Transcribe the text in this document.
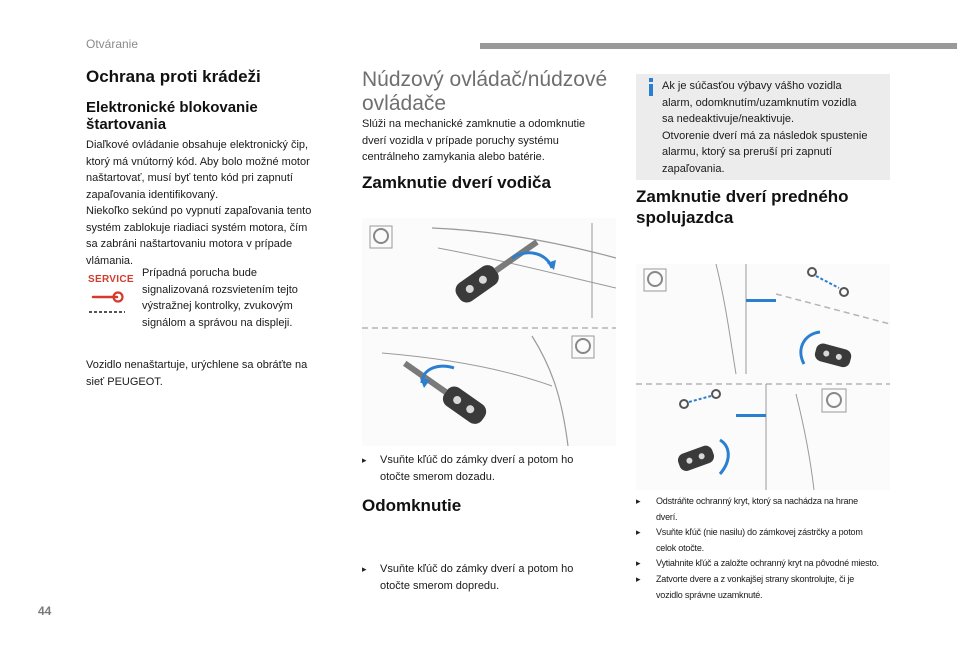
Otváranie
Ochrana proti krádeži
Elektronické blokovanie
štartovania
Diaľkové ovládanie obsahuje elektronický čip,
ktorý má vnútorný kód. Aby bolo možné motor
naštartovať, musí byť tento kód pri zapnutí
zapaľovania identifikovaný.
Niekoľko sekúnd po vypnutí zapaľovania tento
systém zablokuje riadiaci systém motora, čím
sa zabráni naštartovaniu motora v prípade
vlámania.
SERVICE
Prípadná porucha bude
signalizovaná rozsvietením tejto
výstražnej kontrolky, zvukovým
signálom a správou na displeji.
Vozidlo nenaštartuje, urýchlene sa obráťte na
sieť PEUGEOT.
Núdzový ovládač/núdzové
ovládače
Slúži na mechanické zamknutie a odomknutie
dverí vozidla v prípade poruchy systému
centrálneho zamykania alebo batérie.
Zamknutie dverí vodiča
▸ Vsuňte kľúč do zámky dverí a potom ho
otočte smerom dozadu.
Odomknutie
▸ Vsuňte kľúč do zámky dverí a potom ho
otočte smerom dopredu.
Ak je súčasťou výbavy vášho vozidla
alarm, odomknutím/uzamknutím vozidla
sa nedeaktivuje/neaktivuje.
Otvorenie dverí má za následok spustenie
alarmu, ktorý sa preruší pri zapnutí
zapaľovania.
Zamknutie dverí predného
spolujazdca
▸
▸ Odstráňte ochranný kryt, ktorý sa nachádza na hrane
dverí.
▸ Vsuňte kľúč (nie nasilu) do zámkovej zástrčky a potom
celok otočte.
▸ Vytiahnite kľúč a založte ochranný kryt na pôvodné miesto.
▸ Zatvorte dvere a z vonkajšej strany skontrolujte, či je
vozidlo správne uzamknuté.
44
